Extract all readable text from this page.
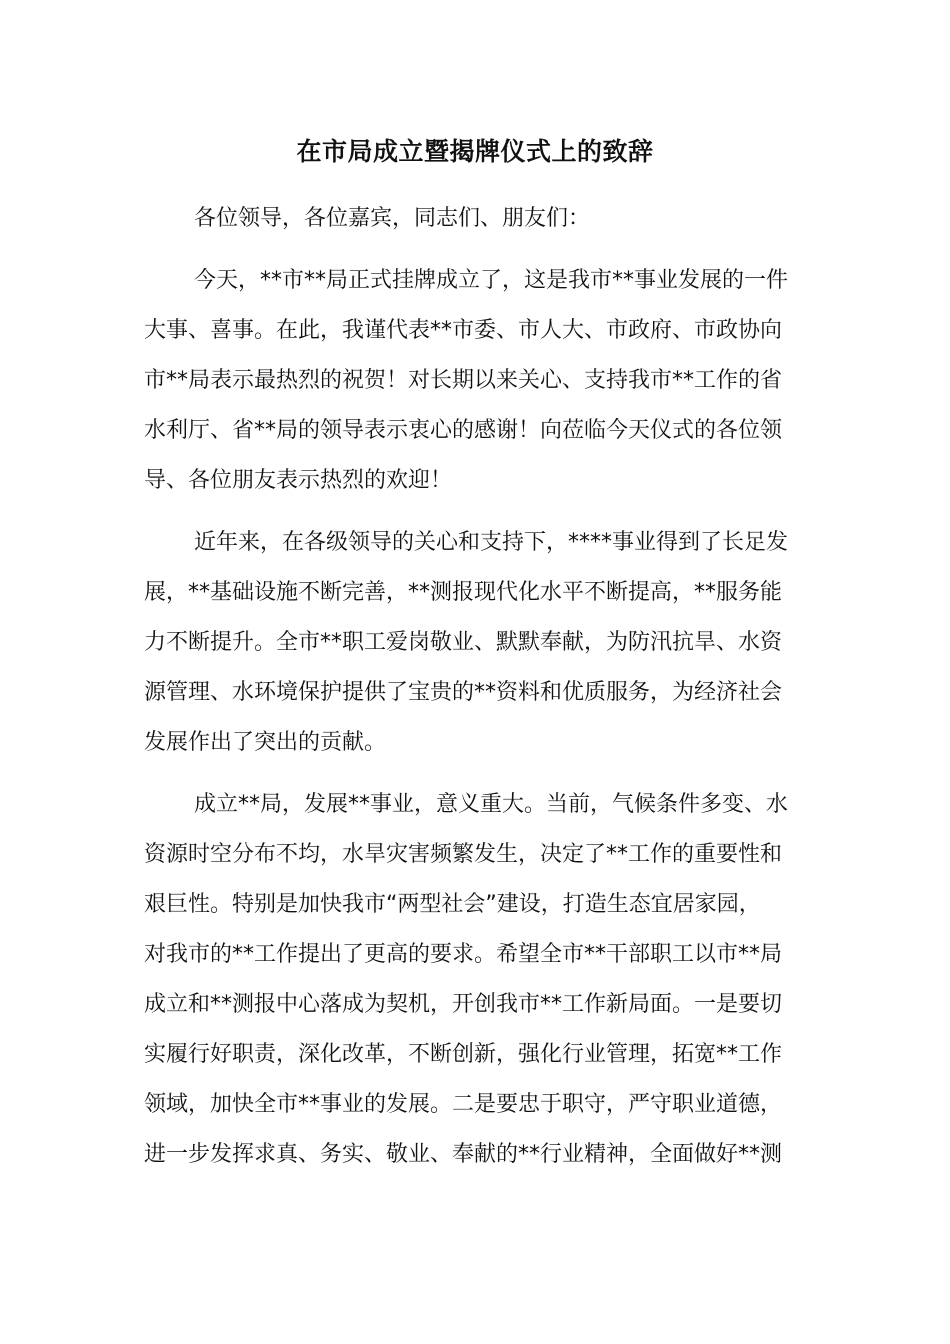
在市局成立暨揭牌仪式上的致辞

各位领导，各位嘉宾，同志们、朋友们：

今天，**市**局正式挂牌成立了，这是我市**事业发展的一件
大事、喜事。在此，我谨代表**市委、市人大、市政府、市政协向
市**局表示最热烈的祝贺！对长期以来关心、支持我市**工作的省
水利厅、省**局的领导表示衷心的感谢！向莅临今天仪式的各位领
导、各位朋友表示热烈的欢迎！

近年来，在各级领导的关心和支持下，****事业得到了长足发
展，**基础设施不断完善，**测报现代化水平不断提高，**服务能
力不断提升。全市**职工爱岗敬业、默默奉献，为防汛抗旱、水资
源管理、水环境保护提供了宝贵的**资料和优质服务，为经济社会
发展作出了突出的贡献。

成立**局，发展**事业，意义重大。当前，气候条件多变、水
资源时空分布不均，水旱灾害频繁发生，决定了**工作的重要性和
艰巨性。特别是加快我市“两型社会”建设，打造生态宜居家园，
对我市的**工作提出了更高的要求。希望全市**干部职工以市**局
成立和**测报中心落成为契机，开创我市**工作新局面。一是要切
实履行好职责，深化改革，不断创新，强化行业管理，拓宽**工作
领域，加快全市**事业的发展。二是要忠于职守，严守职业道德，
进一步发挥求真、务实、敬业、奉献的**行业精神，全面做好**测
